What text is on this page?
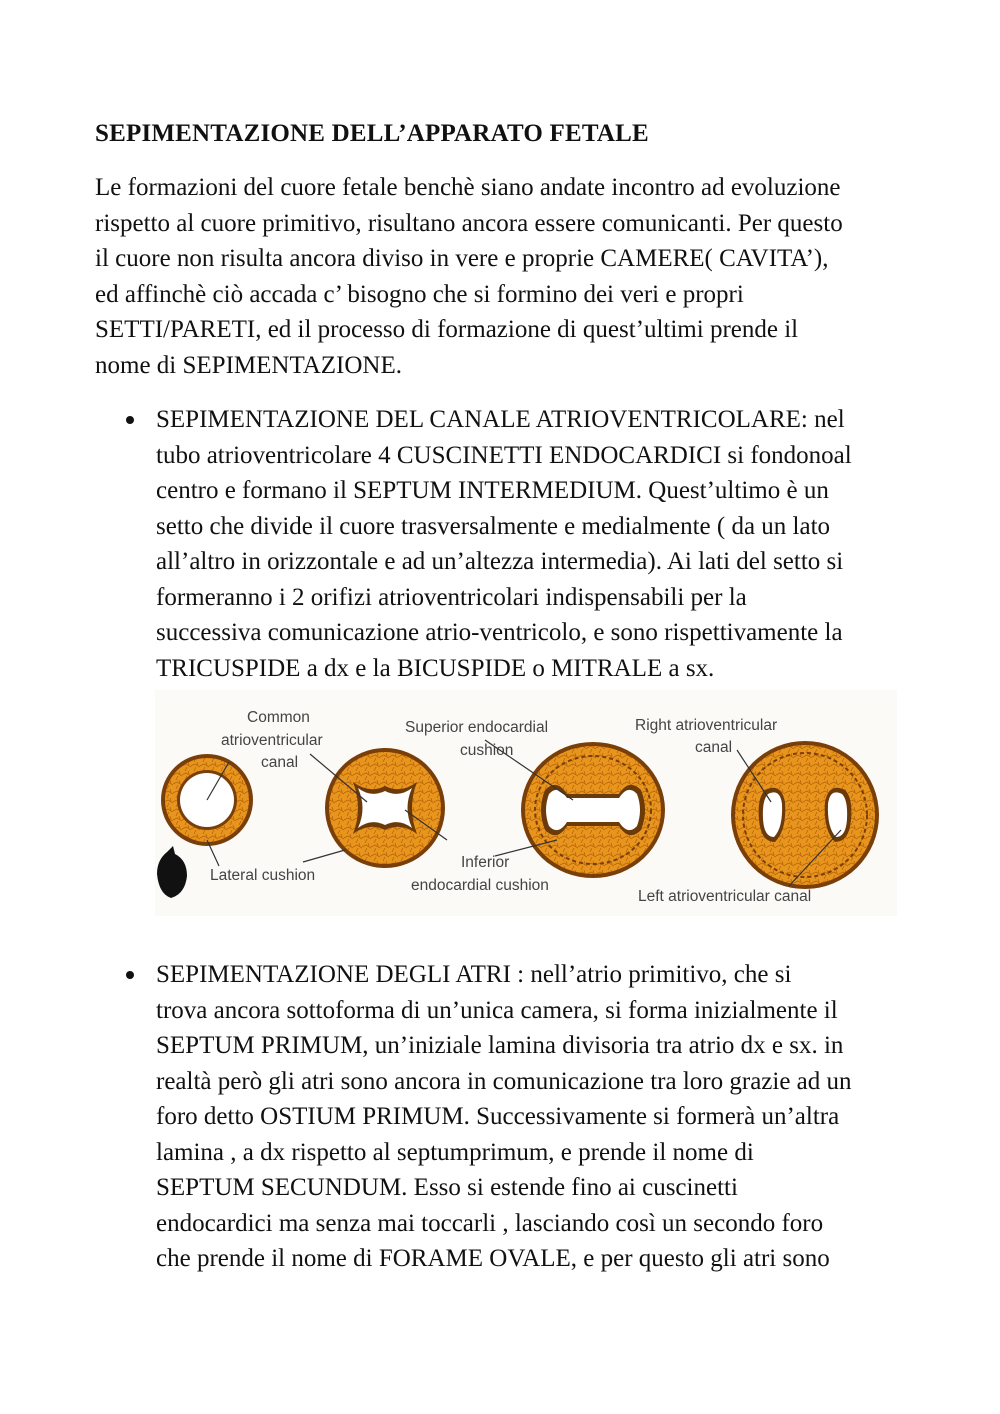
SEPIMENTAZIONE DELL’APPARATO FETALE

Le formazioni del cuore fetale benchè siano andate incontro ad evoluzione
rispetto al cuore primitivo, risultano ancora essere comunicanti. Per questo
il cuore non risulta ancora diviso in vere e proprie CAMERE( CAVITA’),
ed affinchè ciò accada c’ bisogno che si formino dei veri e propri
SETTI/PARETI, ed il processo di formazione di quest’ultimi prende il
nome di SEPIMENTAZIONE.

SEPIMENTAZIONE DEL CANALE ATRIOVENTRICOLARE: nel
tubo atrioventricolare 4 CUSCINETTI ENDOCARDICI si fondonoal
centro e formano il SEPTUM INTERMEDIUM. Quest’ultimo è un
setto che divide il cuore trasversalmente e medialmente ( da un lato
all’altro in orizzontale e ad un’altezza intermedia). Ai lati del setto si
formeranno i 2 orifizi atrioventricolari indispensabili per la
successiva comunicazione atrio-ventricolo, e sono rispettivamente la
TRICUSPIDE a dx e la BICUSPIDE o MITRALE a sx.

Common
atrioventricular
canal
Superior endocardial
cushion
Right atrioventricular
canal
Lateral cushion
Inferior
endocardial cushion
Left atrioventricular canal

SEPIMENTAZIONE DEGLI ATRI : nell’atrio primitivo, che si
trova ancora sottoforma di un’unica camera, si forma inizialmente il
SEPTUM PRIMUM, un’iniziale lamina divisoria tra atrio dx e sx. in
realtà però gli atri sono ancora in comunicazione tra loro grazie ad un
foro detto OSTIUM PRIMUM. Successivamente si formerà un’altra
lamina , a dx rispetto al septumprimum, e prende il nome di
SEPTUM SECUNDUM. Esso si estende fino ai cuscinetti
endocardici ma senza mai toccarli , lasciando così un secondo foro
che prende il nome di FORAME OVALE, e per questo gli atri sono
